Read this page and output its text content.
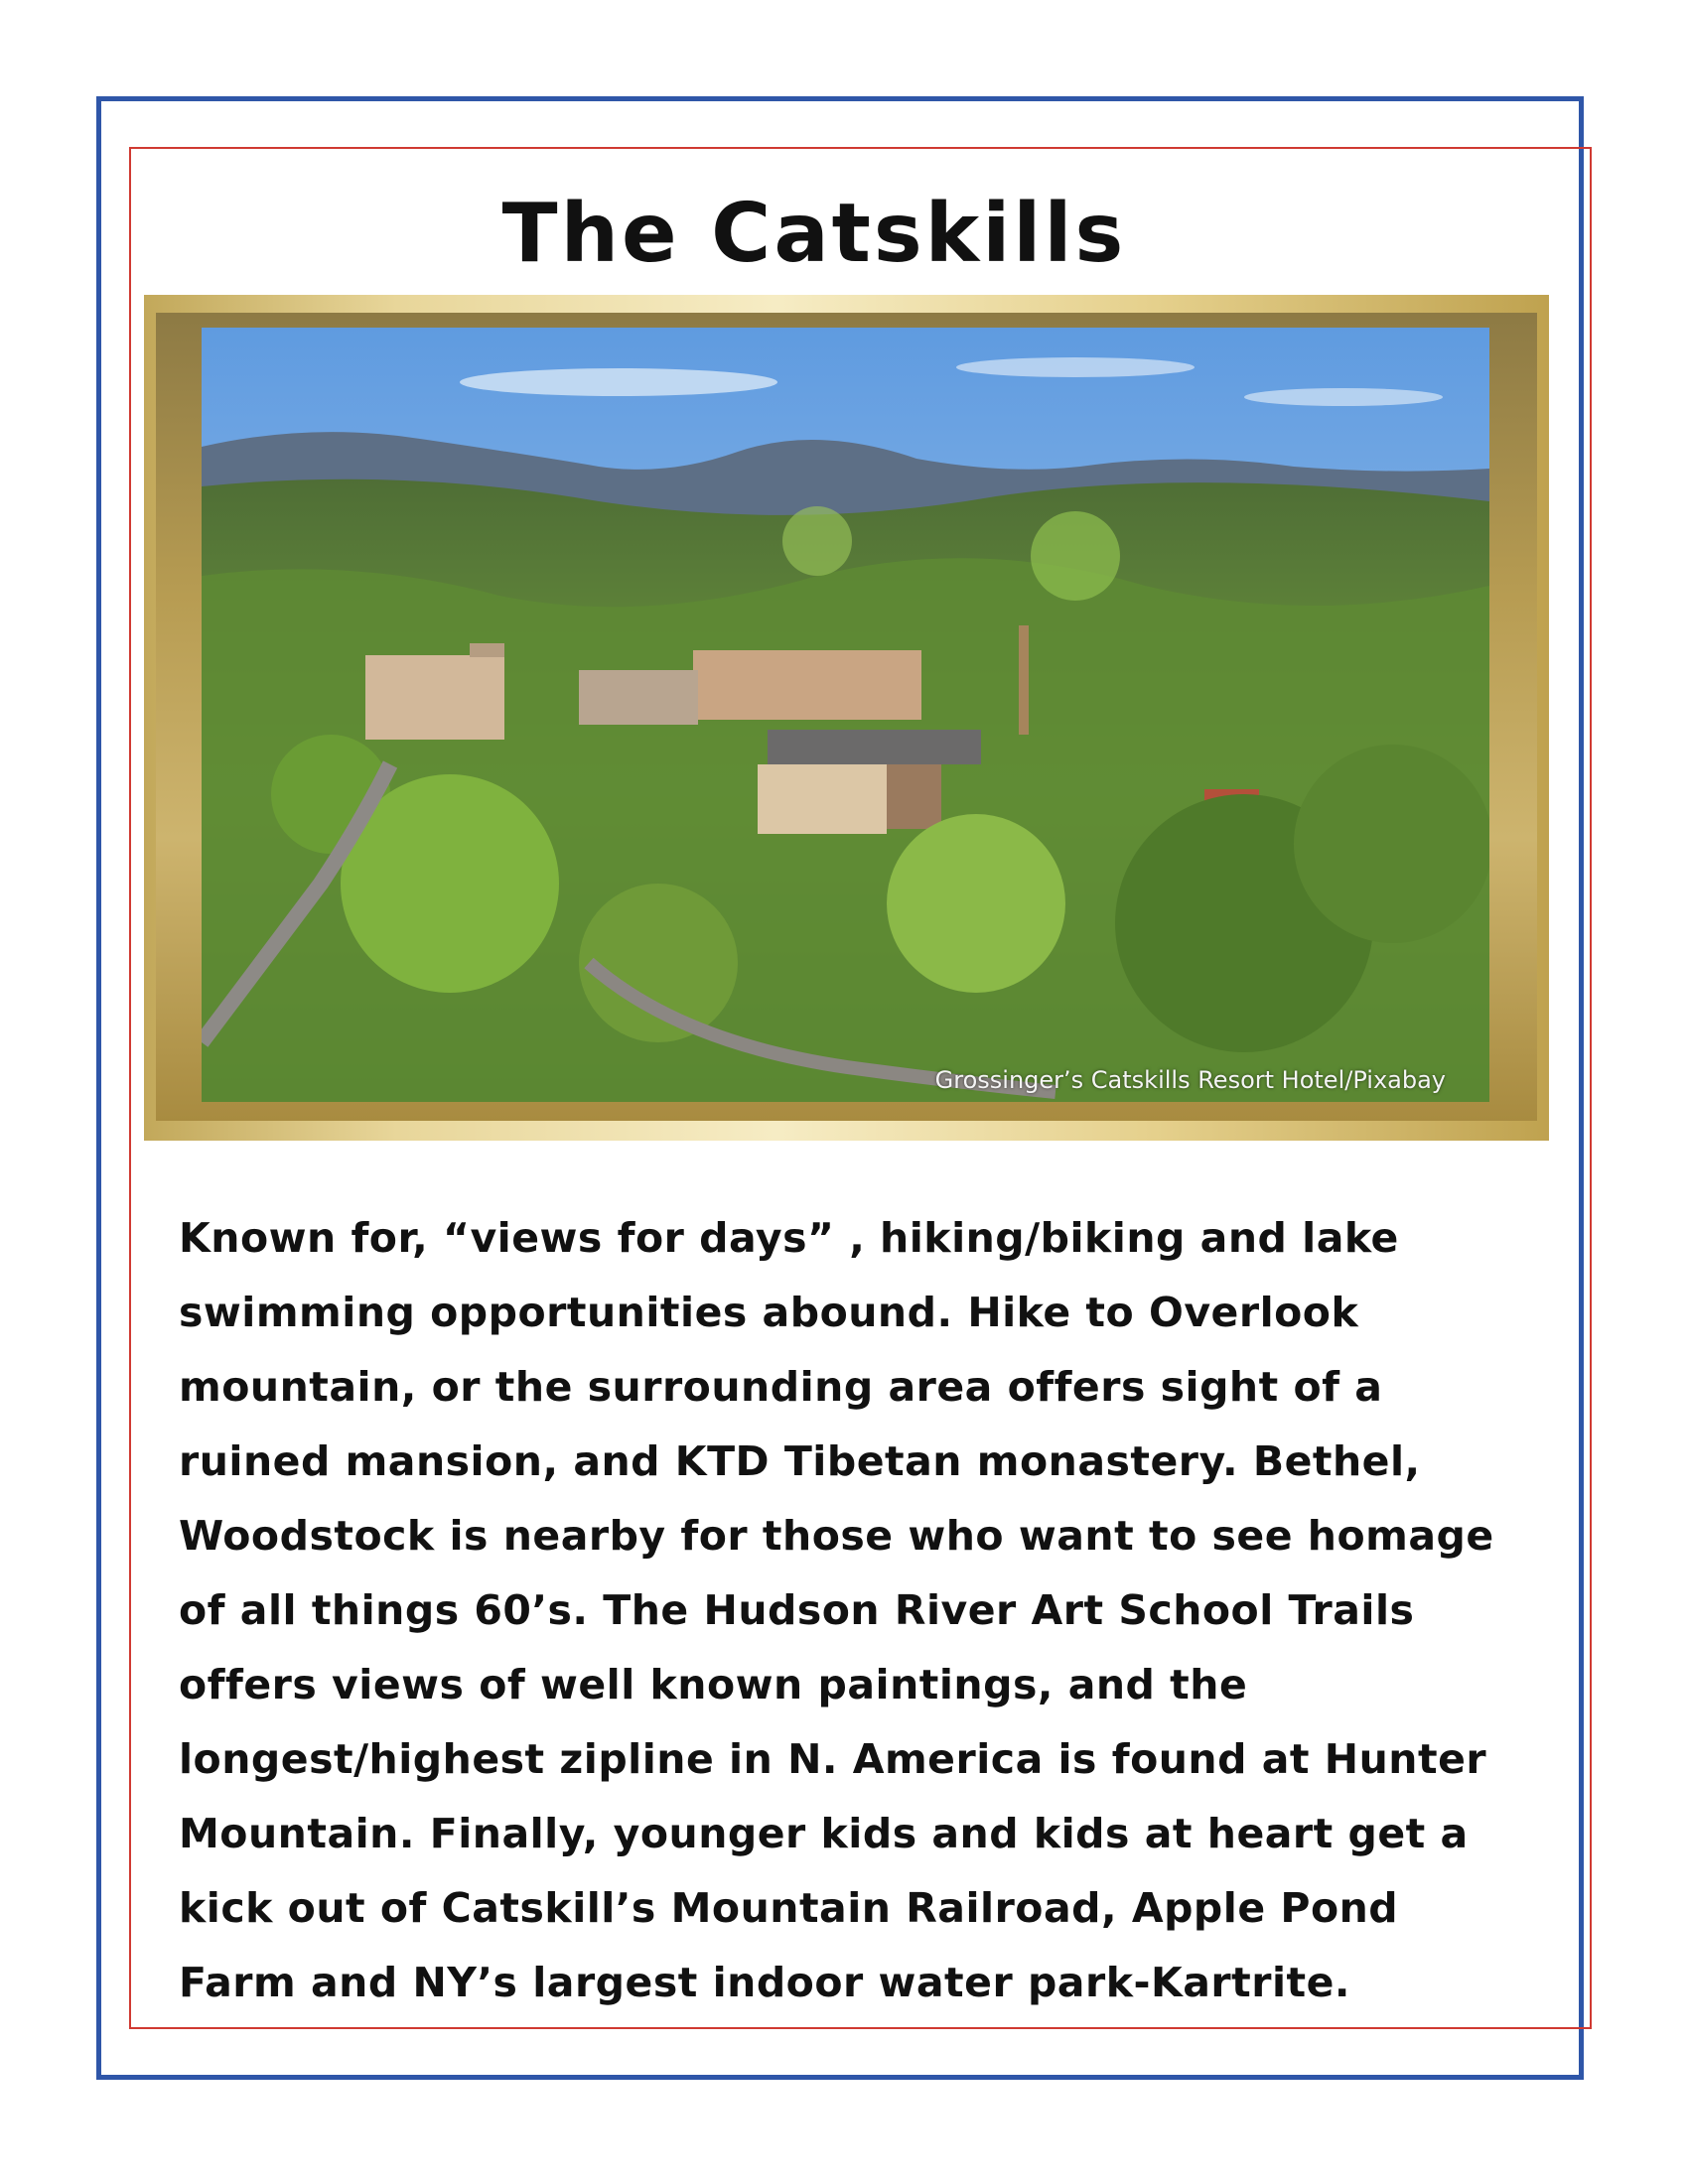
The Catskills
Grossinger’s Catskills Resort Hotel/Pixabay

Known for, “views for days” , hiking/biking and lake swimming opportunities abound. Hike to Overlook mountain, or the surrounding area offers sight of a ruined mansion, and KTD Tibetan monastery. Bethel, Woodstock is nearby for those who want to see homage of all things 60’s. The Hudson River Art School Trails offers views of well known paintings, and the longest/highest zipline in N. America is found at Hunter Mountain. Finally, younger kids and kids at heart get a kick out of Catskill’s Mountain Railroad, Apple Pond Farm and NY’s largest indoor water park-Kartrite.
